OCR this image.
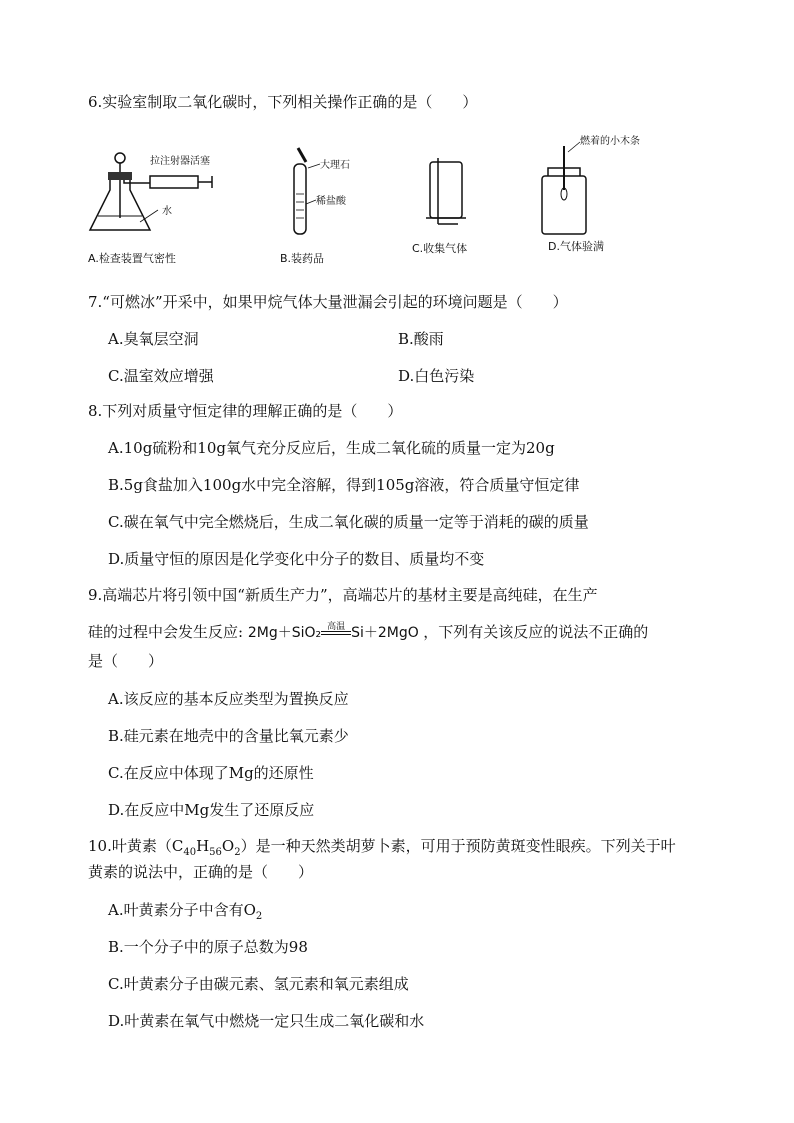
6.实验室制取二氧化碳时，下列相关操作正确的是（　　）
拉注射器活塞
水
A.检查装置气密性
大理石
稀盐酸
B.装药品
C.收集气体
燃着的小木条
D.气体验满
7.“可燃冰”开采中，如果甲烷气体大量泄漏会引起的环境问题是（　　）
A.臭氧层空洞	B.酸雨
C.温室效应增强	D.白色污染
8.下列对质量守恒定律的理解正确的是（　　）
A.10g硫粉和10g氧气充分反应后，生成二氧化硫的质量一定为20g
B.5g食盐加入100g水中完全溶解，得到105g溶液，符合质量守恒定律
C.碳在氧气中完全燃烧后，生成二氧化碳的质量一定等于消耗的碳的质量
D.质量守恒的原因是化学变化中分子的数目、质量均不变
9.高端芯片将引领中国“新质生产力”，高端芯片的基材主要是高纯硅，在生产
硅的过程中会发生反应: 2Mg＋SiO₂ 高温 Si＋2MgO ，下列有关该反应的说法不正确的
是（　　）
A.该反应的基本反应类型为置换反应
B.硅元素在地壳中的含量比氧元素少
C.在反应中体现了Mg的还原性
D.在反应中Mg发生了还原反应
10.叶黄素$(C_{40}H_{56}O_2)$是一种天然类胡萝卜素，可用于预防黄斑变性眼疾。下列关于叶
黄素的说法中，正确的是（　　）
A.叶黄素分子中含有$O_2$
B.一个分子中的原子总数为98
C.叶黄素分子由碳元素、氢元素和氧元素组成
D.叶黄素在氧气中燃烧一定只生成二氧化碳和水
